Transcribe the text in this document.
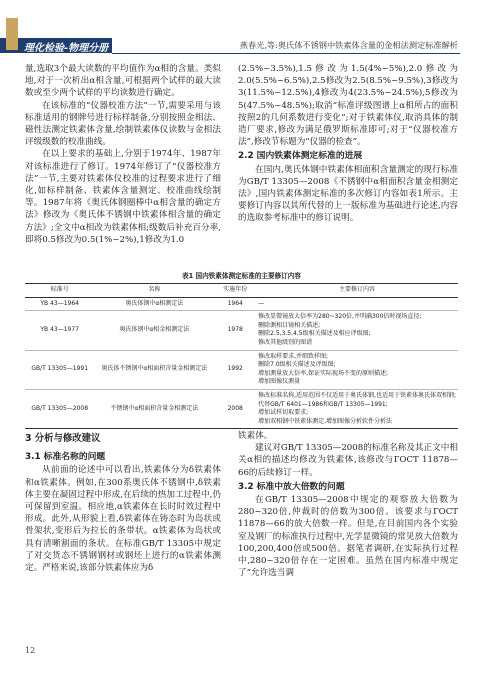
理化检验-物理分册	燕春光,等:奥氏体不锈钢中铁素体含量的金相法测定标准解析

量,选取3个最大读数的平均值作为α相的含量。类似地,对于一次析出α相含量,可根据两个试样的最大读数或至少两个试样的平均读数进行确定。

在该标准的“仪器校准方法”一节,需要采用与该标准适用的钢牌号进行标样制备,分别按照金相法、磁性法测定铁素体含量,绘制铁素体仪读数与金相法评级级数的校准曲线。

在以上要求的基础上,分别于1974年、1987年对该标准进行了修订。1974年修订了“仪器校准方法”一节,主要对铁素体仪校准的过程要求进行了细化,如标样制备、铁素体含量测定、校准曲线绘制等。1987年将《奥氏体钢圈棒中α相含量的确定方法》修改为《奥氏体不锈钢中铁素体相含量的确定方法》;全文中α相改为铁素体相;级数后补充百分率,即将0.5修改为0.5(1%~2%),1修改为1.0

(2.5%~3.5%),1.5修改为1.5(4%~5%),2.0修改为2.0(5.5%~6.5%),2.5修改为2.5(8.5%~9.5%),3修改为3(11.5%~12.5%),4修改为4(23.5%~24.5%),5修改为5(47.5%~48.5%);取消“标准评级图谱上α相所占的面积按照2的几何系数进行变化”;对于铁素体仪,取消具体的制造厂要求,修改为满足俄罗斯标准即可;对于“仪器校准方法”,修改节标题为“仪器的检查”。

2.2 国内铁素体测定标准的进展

在国内,奥氏体钢中铁素体相面积含量测定的现行标准为GB/T 13305—2008《不锈钢中α相面积含量金相测定法》,国内铁素体测定标准的多次修订内容如表1所示。主要修订内容以其所代替的上一版标准为基础进行论述,内容的选取参考标准中的修订说明。

表1 国内铁素体测定标准的主要修订内容
标准号	名称	实施年份	主要修订内容
YB 43—1964	奥氏体钢中α相测定法	1964	—

YB 43—1977	奥氏体钢中α相金相测定法	1978	修改显微镜放大倍率为280~320倍,并明确300倍时视场直径;
删除测相目镜相关描述;
删除2.5,3.5,4.5级相关描述及相应评级图;
修改其他级别的图谱

GB/T 13305—1991	奥氏体不锈钢中α相面积含量金相测定法	1992	修改取样要求,并细致样图;
删除7.0级相关描述及评级图;
增加测量放大倍率,保证实际视场不变的原则描述;
增加图像仪测量

GB/T 13305—2008	不锈钢中α相面积含量金相测定法	2008	修改标准名称,适用范围不仅适用于奥氏体钢,也适用于铁素体奥氏体双相钢;
代替GB/T 6401—1986和GB/T 13305—1991;
增加试样切取要求;
增加双相钢中铁素体测定,增加图像分析软件分析法

3 分析与修改建议

3.1 标准名称的问题

从前面的论述中可以看出,铁素体分为δ铁素体和α铁素体。例如,在300系奥氏体不锈钢中,δ铁素体主要在凝固过程中形成,在后续的热加工过程中,仍可保留到室温。相应地,α铁素体在长时时效过程中形成。此外,从形貌上看,δ铁素体在铸态时为岛状或骨架状,变形后为拉长的条带状。α铁素体为岛状或具有清晰割面的条状。在标准GB/T 13305中规定了对交货态不锈钢钢材或钢坯上进行的α铁素体测定。严格来说,该部分铁素体应为δ

铁素体。

建议对GB/T 13305—2008的标准名称及其正文中相关α相的描述均修改为铁素体,该修改与ГОСТ 11878—66的后续修订一样。

3.2 标准中放大倍数的问题

在GB/T 13305—2008中规定的观察放大倍数为280~320倍,仲裁时的倍数为300倍。该要求与ГОСТ 11878—66的放大倍数一样。但是,在目前国内各个实验室及钢厂的标准执行过程中,光学显微镜的常见放大倍数为100,200,400倍或500倍。据笔者调研,在实际执行过程中,280~320倍存在一定困难。虽然在国内标准中规定了“允许选当调

12
